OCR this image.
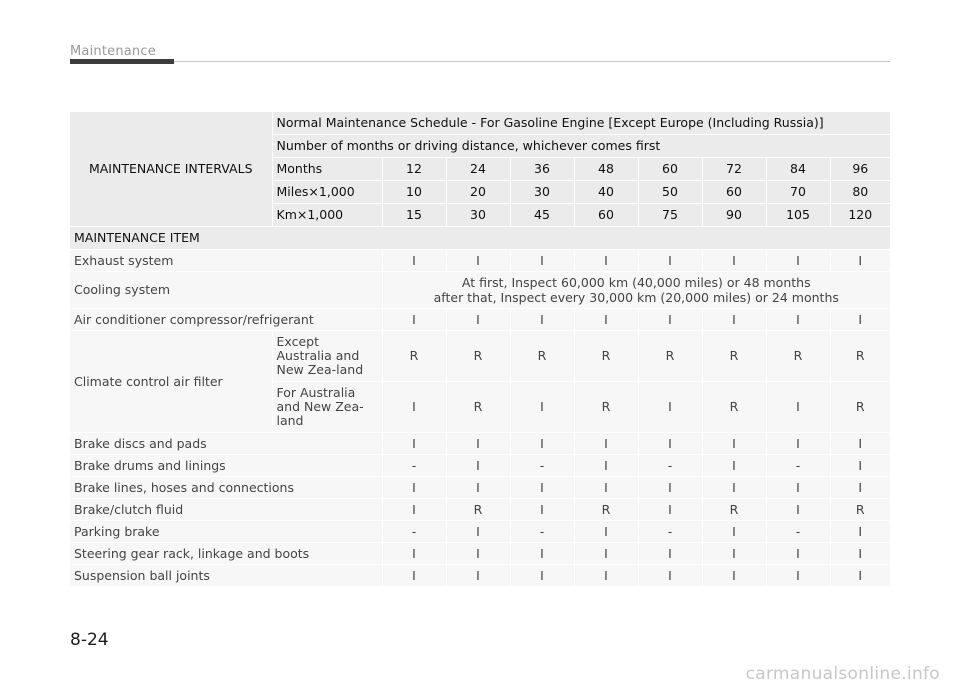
Maintenance
MAINTENANCE INTERVALS	Normal Maintenance Schedule - For Gasoline Engine [Except Europe (Including Russia)]								
	Number of months or driving distance, whichever comes first								
	Months	12	24	36	48	60	72	84	96
	Miles×1,000	10	20	30	40	50	60	70	80
	Km×1,000	15	30	45	60	75	90	105	120
MAINTENANCE ITEM									
Exhaust system		I	I	I	I	I	I	I	I
Cooling system		At first, Inspect 60,000 km (40,000 miles) or 48 months
after that, Inspect every 30,000 km (20,000 miles) or 24 months							

Air conditioner compressor/refrigerant		I	I	I	I	I	I	I	I
Climate control air filter	Except Australia and New Zea-land	R	R	R	R	R	R	R	R
	For Australia and New Zea-land	I	R	I	R	I	R	I	R
Brake discs and pads		I	I	I	I	I	I	I	I
Brake drums and linings		-	I	-	I	-	I	-	I
Brake lines, hoses and connections		I	I	I	I	I	I	I	I
Brake/clutch fluid		I	R	I	R	I	R	I	R
Parking brake		-	I	-	I	-	I	-	I
Steering gear rack, linkage and boots		I	I	I	I	I	I	I	I
Suspension ball joints		I	I	I	I	I	I	I	I
8-24
carmanualsonline.info
